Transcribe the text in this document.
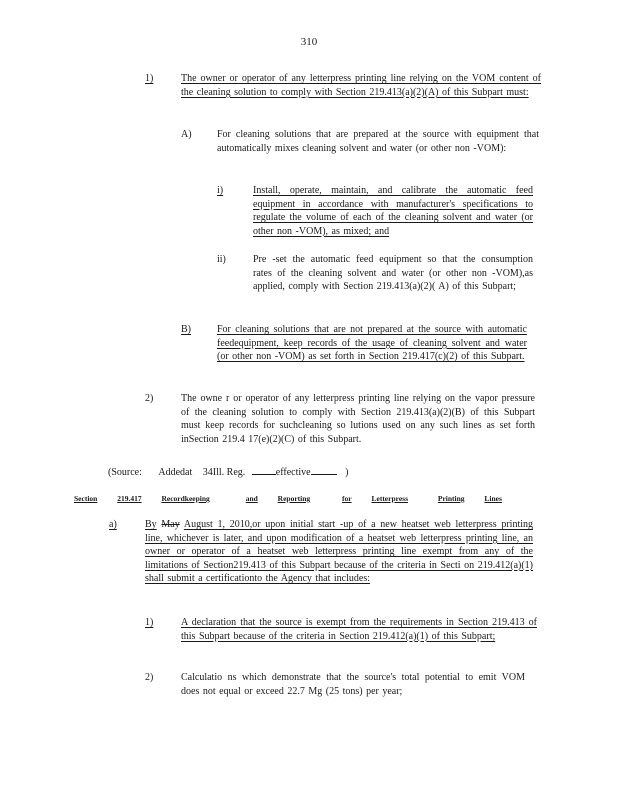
310
1)	The owner or operator of any letterpress printing line relying on the VOM content of the cleaning solution to comply with Section 219.413(a)(2)(A) of this Subpart must:
A)	For cleaning solutions that are prepared at the source with equipment that automatically mixes cleaning solvent and water (or other non -VOM):
i)	Install, operate, maintain, and calibrate the automatic feed equipment in accordance with manufacturer's specifications to regulate the volume of each of the cleaning solvent and water (or other non -VOM), as mixed; and
ii)	Pre -set the automatic feed equipment so that the consumption rates of the cleaning solvent and water (or other non -VOM),as applied, comply with Section 219.413(a)(2)( A) of this Subpart;
B)	For cleaning solutions that are not prepared at the source with automatic feedequipment, keep records of the usage of cleaning solvent and water (or other non -VOM) as set forth in Section 219.417(c)(2) of this Subpart.
2)	The owne r or operator of any letterpress printing line relying on the vapor pressure of the cleaning solution to comply with Section 219.413(a)(2)(B) of this Subpart must keep records for suchcleaning so lutions used on any such lines as set forth inSection 219.4 17(e)(2)(C) of this Subpart.
(Source: Addedat 34Ill. Reg.	effective	)
Section	219.417	Recordkeeping	and	Reporting	for	Letterpress	Printing	Lines
a)	By May August 1, 2010,or upon initial start -up of a new heatset web letterpress printing line, whichever is later, and upon modification of a heatset web letterpress printing line, an owner or operator of a heatset web letterpress printing line exempt from any of the limitations of Section219.413 of this Subpart because of the criteria in Secti on 219.412(a)(1) shall submit a certificationto the Agency that includes:
1)	A declaration that the source is exempt from the requirements in Section 219.413 of this Subpart because of the criteria in Section 219.412(a)(1) of this Subpart;
2)	Calculatio ns which demonstrate that the source's total potential to emit VOM does not equal or exceed 22.7 Mg (25 tons) per year;
